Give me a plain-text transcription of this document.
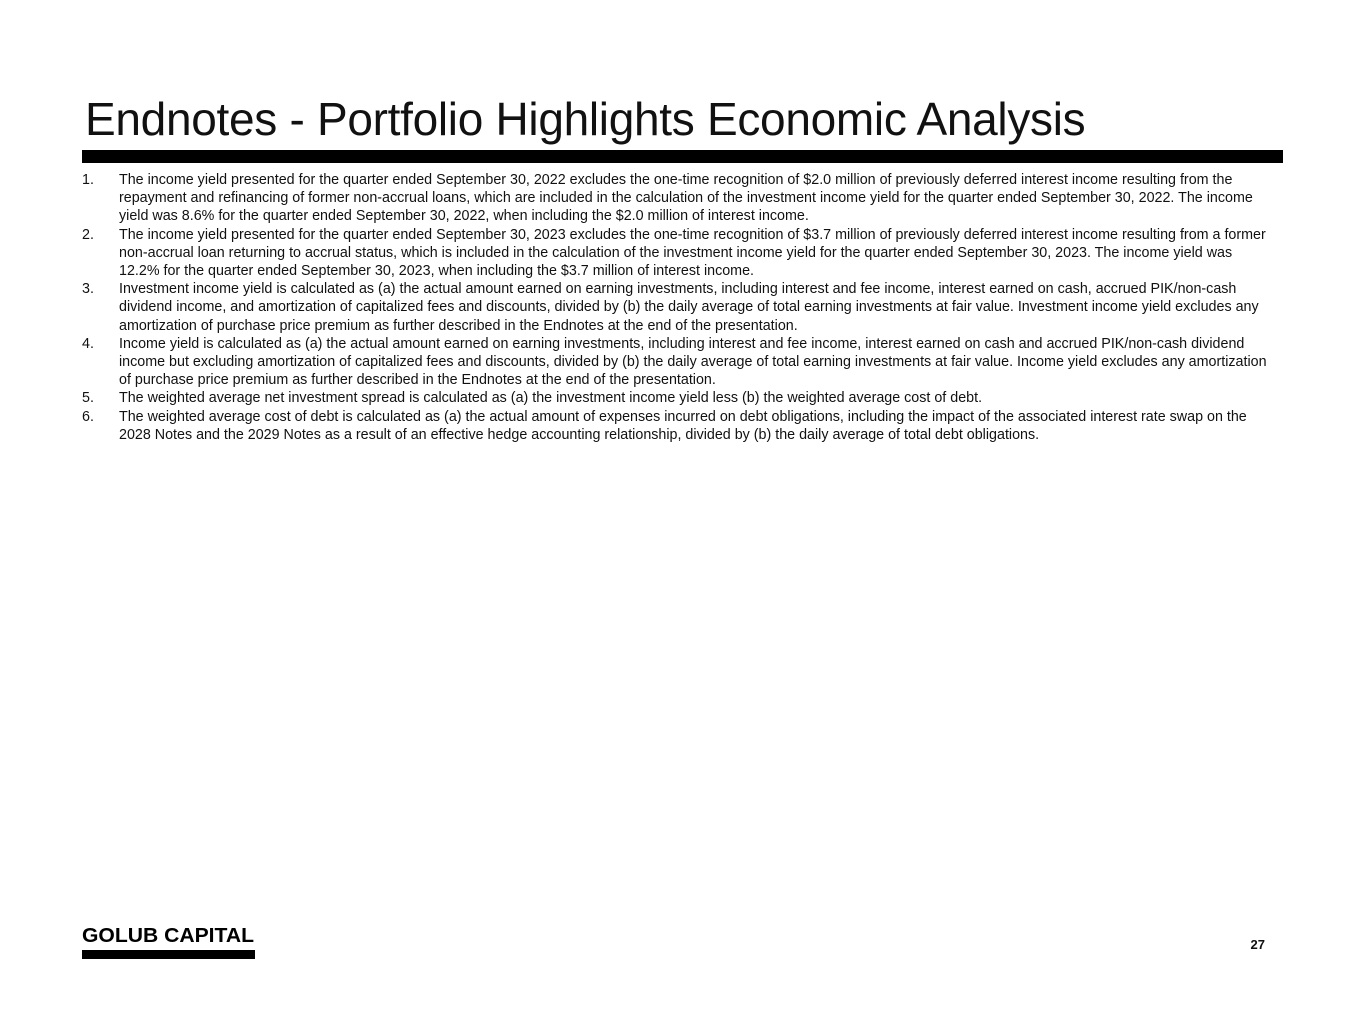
Endnotes - Portfolio Highlights Economic Analysis
1.	The income yield presented for the quarter ended September 30, 2022 excludes the one-time recognition of $2.0 million of previously deferred interest income resulting from the repayment and refinancing of former non-accrual loans, which are included in the calculation of the investment income yield for the quarter ended September 30, 2022. The income yield was 8.6% for the quarter ended September 30, 2022, when including the $2.0 million of interest income.
2.	The income yield presented for the quarter ended September 30, 2023 excludes the one-time recognition of $3.7 million of previously deferred interest income resulting from a former non-accrual loan returning to accrual status, which is included in the calculation of the investment income yield for the quarter ended September 30, 2023. The income yield was 12.2% for the quarter ended September 30, 2023, when including the $3.7 million of interest income.
3.	Investment income yield is calculated as (a) the actual amount earned on earning investments, including interest and fee income, interest earned on cash, accrued PIK/non-cash dividend income, and amortization of capitalized fees and discounts, divided by (b) the daily average of total earning investments at fair value. Investment income yield excludes any amortization of purchase price premium as further described in the Endnotes at the end of the presentation.
4.	Income yield is calculated as (a) the actual amount earned on earning investments, including interest and fee income, interest earned on cash and accrued PIK/non-cash dividend income but excluding amortization of capitalized fees and discounts, divided by (b) the daily average of total earning investments at fair value. Income yield excludes any amortization of purchase price premium as further described in the Endnotes at the end of the presentation.
5.	The weighted average net investment spread is calculated as (a) the investment income yield less (b) the weighted average cost of debt.
6.	The weighted average cost of debt is calculated as (a) the actual amount of expenses incurred on debt obligations, including the impact of the associated interest rate swap on the 2028 Notes and the 2029 Notes as a result of an effective hedge accounting relationship, divided by (b) the daily average of total debt obligations.
GOLUB CAPITAL	27
